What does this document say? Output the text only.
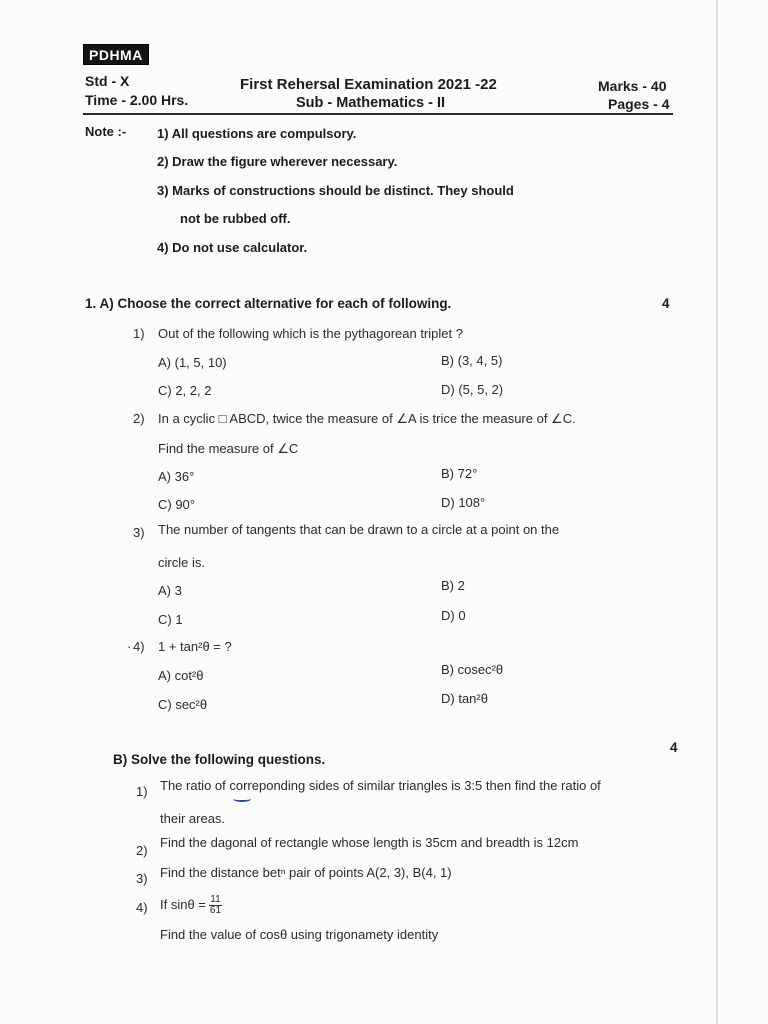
PDHMA
Std - X
Time - 2.00 Hrs.
First Rehersal Examination 2021 -22
Sub - Mathematics - II
Marks - 40
Pages - 4
Note :- 1) All questions are compulsory.
2) Draw the figure wherever necessary.
3) Marks of constructions should be distinct. They should
not be rubbed off.
4) Do not use calculator.
1. A) Choose the correct alternative for each of following.	4
1) Out of the following which is the pythagorean triplet ?
A) (1, 5, 10)	B) (3, 4, 5)
C) 2, 2, 2	D) (5, 5, 2)
2) In a cyclic □ ABCD, twice the measure of ∠A is trice the measure of ∠C.
Find the measure of ∠C
A) 36°	B) 72°
C) 90°	D) 108°
3) The number of tangents that can be drawn to a circle at a point on the
circle is.
A) 3	B) 2
C) 1	D) 0
· 4) 1 + tan²θ = ?
A) cot²θ	B) cosec²θ
C) sec²θ	D) tan²θ
B) Solve the following questions.
4
1) The ratio of correponding sides of similar triangles is 3:5 then find the ratio of
their areas.
2)
Find the dagonal of rectangle whose length is 35cm and breadth is 12cm
3) Find the distance betⁿ pair of points A(2, 3), B(4, 1)
4) If $\sin\theta = \frac{11}{61}$
Find the value of cosθ using trigonamety identity
